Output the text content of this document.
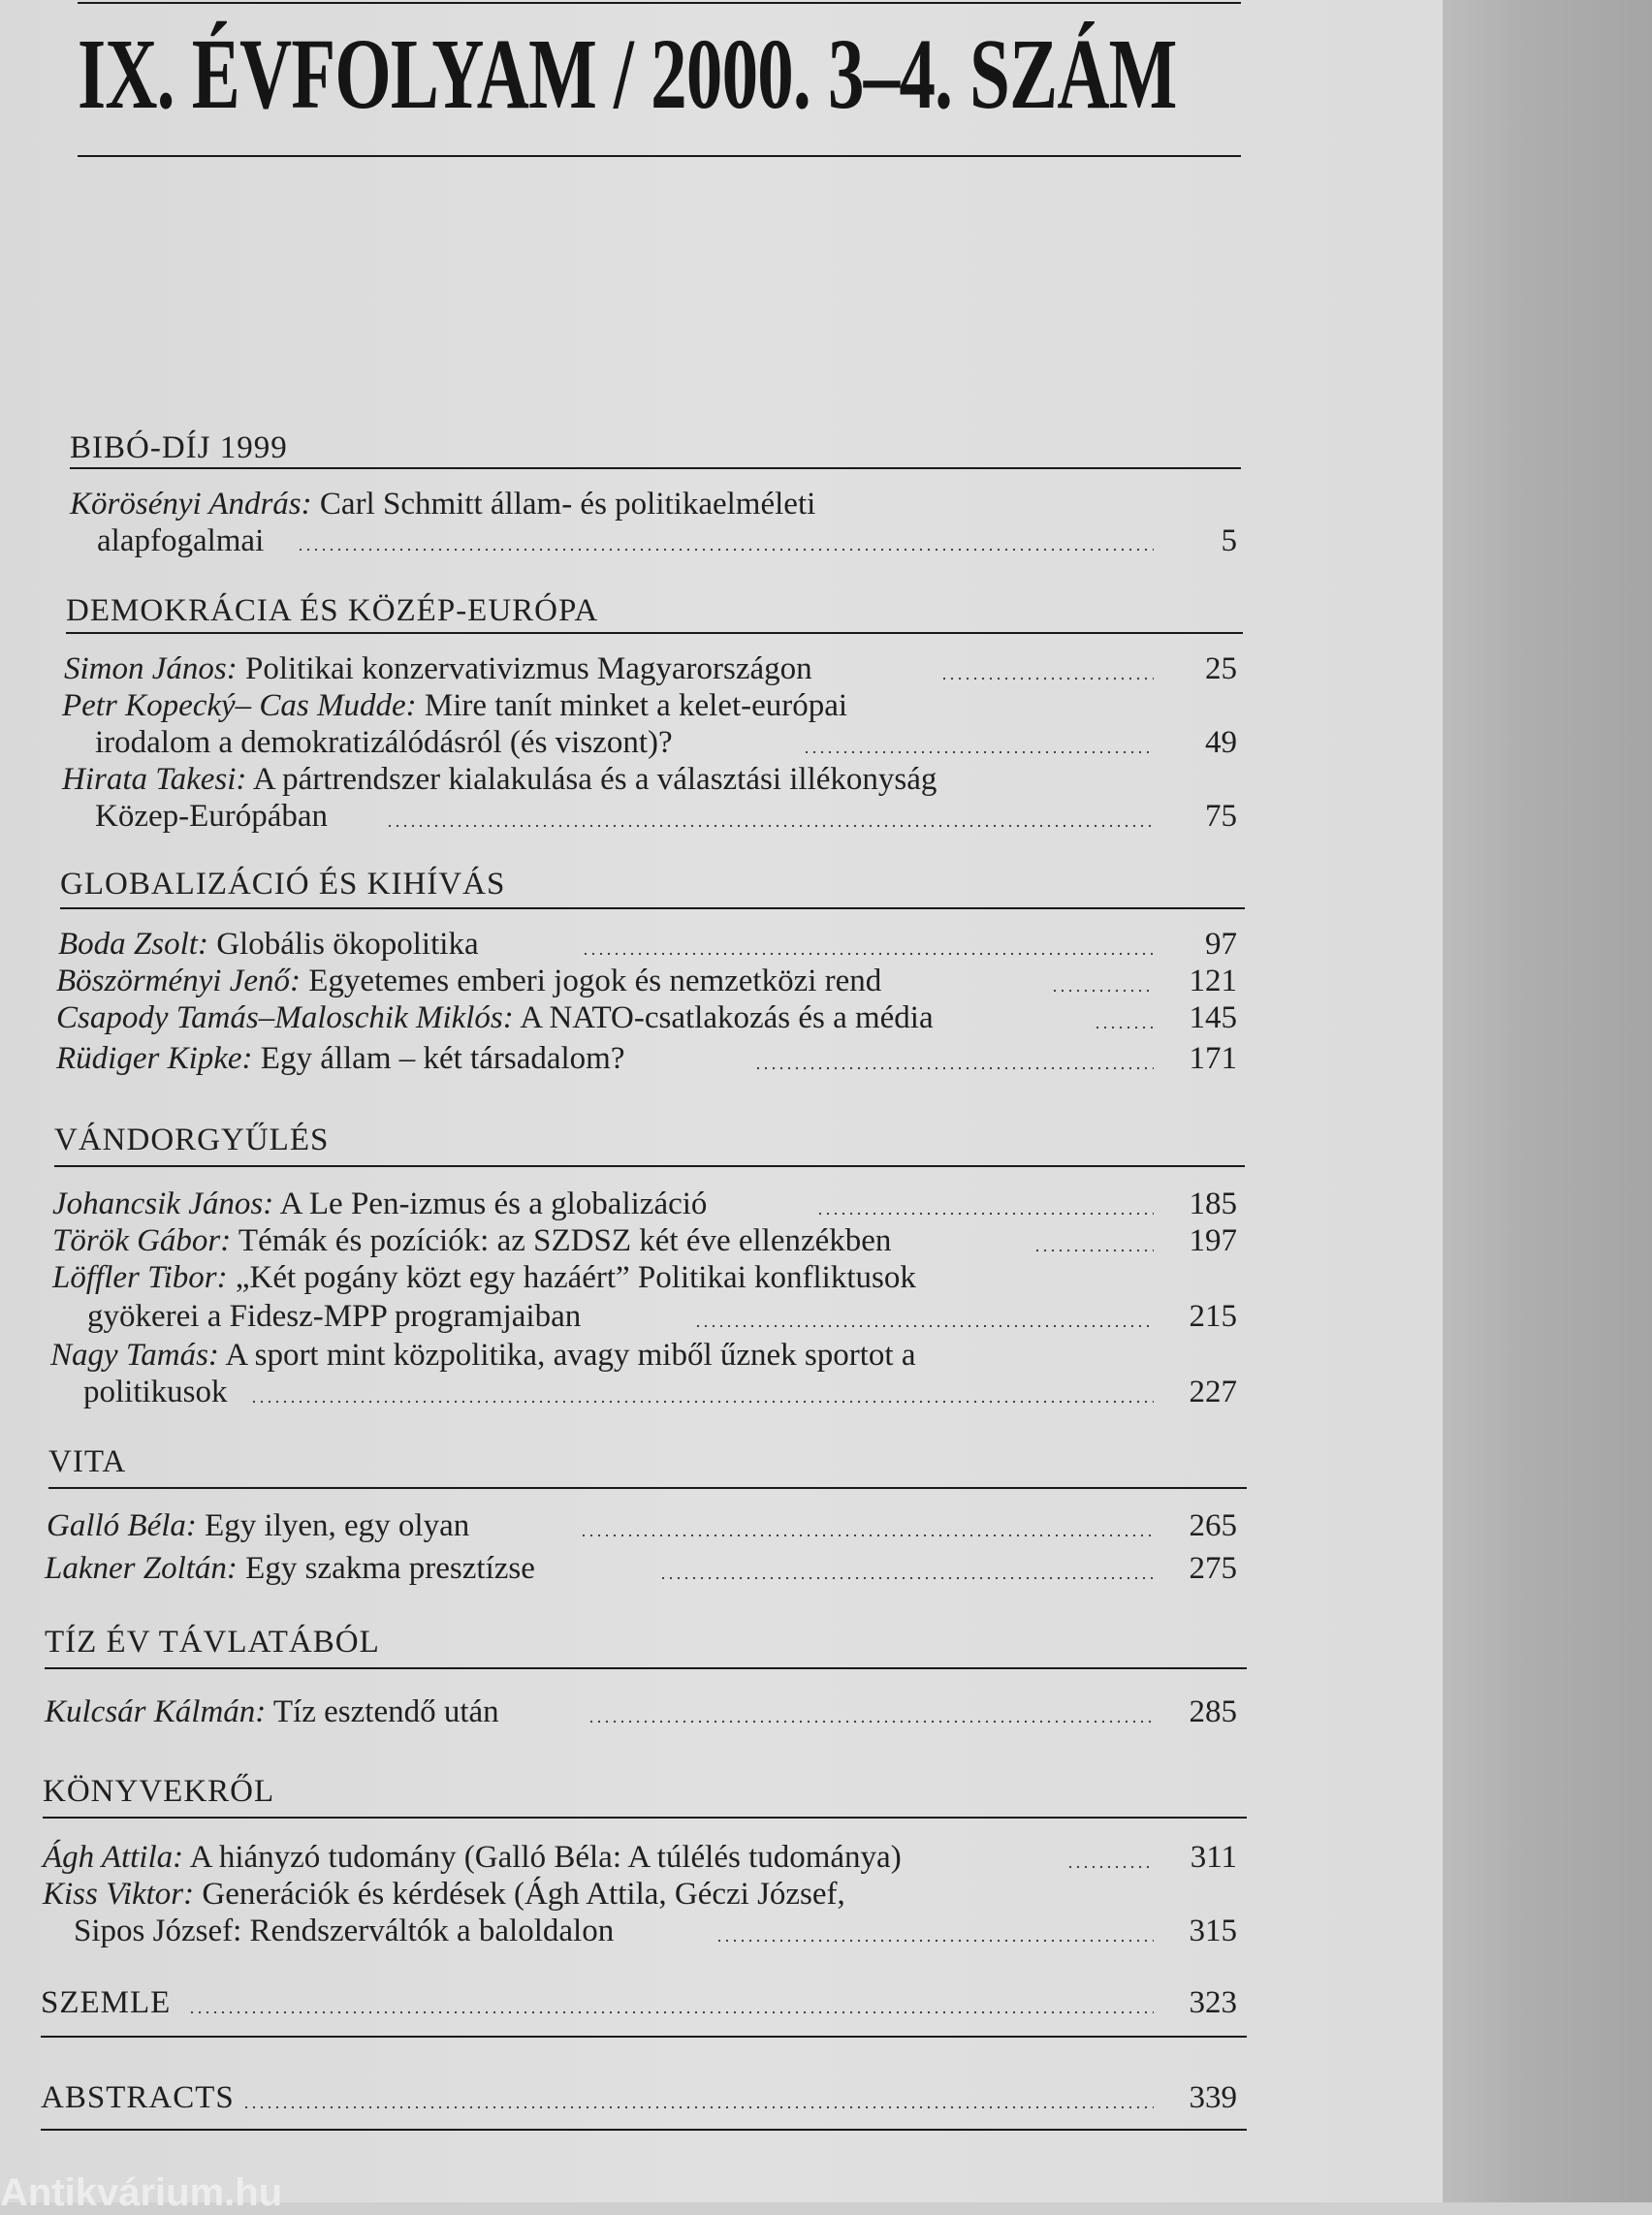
IX. ÉVFOLYAM / 2000. 3–4. SZÁM
BIBÓ-DÍJ 1999
Körösényi András: Carl Schmitt állam- és politikaelméleti
alapfogalmai	5
DEMOKRÁCIA ÉS KÖZÉP-EURÓPA
Simon János: Politikai konzervativizmus Magyarországon	25
Petr Kopecký– Cas Mudde: Mire tanít minket a kelet-európai
irodalom a demokratizálódásról (és viszont)?	49
Hirata Takesi: A pártrendszer kialakulása és a választási illékonyság
Közep-Európában	75
GLOBALIZÁCIÓ ÉS KIHÍVÁS
Boda Zsolt: Globális ökopolitika	97
Böszörményi Jenő: Egyetemes emberi jogok és nemzetközi rend	121
Csapody Tamás–Maloschik Miklós: A NATO-csatlakozás és a média	145
Rüdiger Kipke: Egy állam – két társadalom?	171
VÁNDORGYŰLÉS
Johancsik János: A Le Pen-izmus és a globalizáció	185
Török Gábor: Témák és pozíciók: az SZDSZ két éve ellenzékben	197
Löffler Tibor: „Két pogány közt egy hazáért” Politikai konfliktusok
gyökerei a Fidesz-MPP programjaiban	215
Nagy Tamás: A sport mint közpolitika, avagy miből űznek sportot a
politikusok	227
VITA
Galló Béla: Egy ilyen, egy olyan	265
Lakner Zoltán: Egy szakma presztízse	275
TÍZ ÉV TÁVLATÁBÓL
Kulcsár Kálmán: Tíz esztendő után	285
KÖNYVEKRŐL
Ágh Attila: A hiányzó tudomány (Galló Béla: A túlélés tudománya)	311
Kiss Viktor: Generációk és kérdések (Ágh Attila, Géczi József,
Sipos József: Rendszerváltók a baloldalon	315
SZEMLE	323
ABSTRACTS	339
Antikvárium.hu
